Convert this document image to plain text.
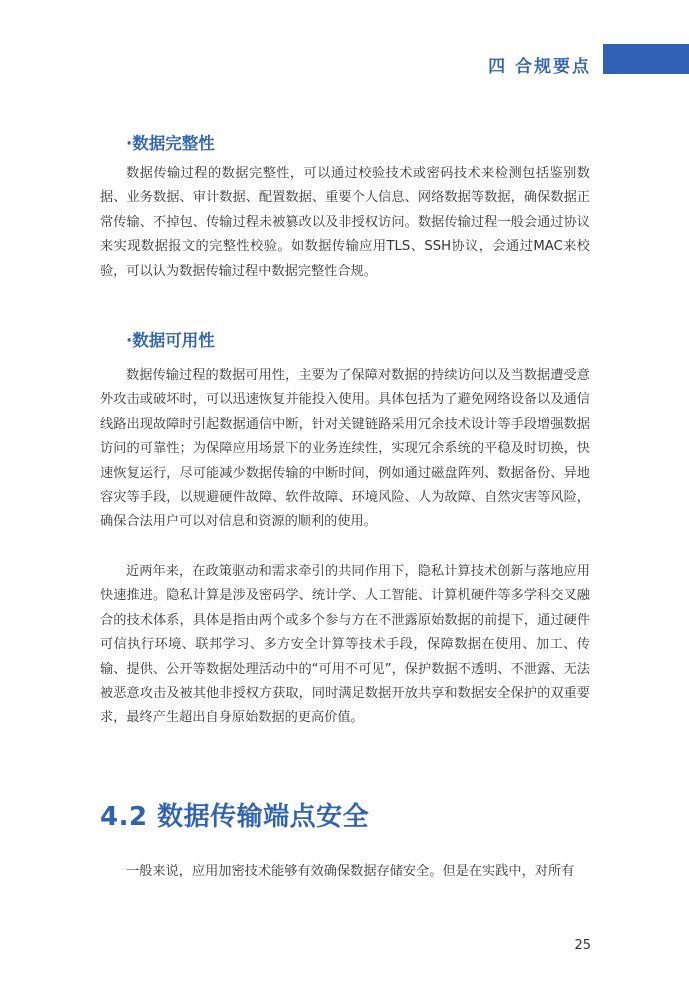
四 合规要点
·数据完整性

数据传输过程的数据完整性，可以通过校验技术或密码技术来检测包括鉴别数据、业务数据、审计数据、配置数据、重要个人信息、网络数据等数据，确保数据正常传输、不掉包、传输过程未被篡改以及非授权访问。数据传输过程一般会通过协议来实现数据报文的完整性校验。如数据传输应用TLS、SSH协议，会通过MAC来校验，可以认为数据传输过程中数据完整性合规。

·数据可用性

数据传输过程的数据可用性，主要为了保障对数据的持续访问以及当数据遭受意外攻击或破坏时，可以迅速恢复并能投入使用。具体包括为了避免网络设备以及通信线路出现故障时引起数据通信中断，针对关键链路采用冗余技术设计等手段增强数据访问的可靠性；为保障应用场景下的业务连续性，实现冗余系统的平稳及时切换，快速恢复运行，尽可能减少数据传输的中断时间，例如通过磁盘阵列、数据备份、异地容灾等手段，以规避硬件故障、软件故障、环境风险、人为故障、自然灾害等风险，确保合法用户可以对信息和资源的顺利的使用。

近两年来，在政策驱动和需求牵引的共同作用下，隐私计算技术创新与落地应用快速推进。隐私计算是涉及密码学、统计学、人工智能、计算机硬件等多学科交叉融合的技术体系，具体是指由两个或多个参与方在不泄露原始数据的前提下，通过硬件可信执行环境、联邦学习、多方安全计算等技术手段，保障数据在使用、加工、传输、提供、公开等数据处理活动中的“可用不可见”，保护数据不透明、不泄露、无法被恶意攻击及被其他非授权方获取，同时满足数据开放共享和数据安全保护的双重要求，最终产生超出自身原始数据的更高价值。

4.2 数据传输端点安全

一般来说，应用加密技术能够有效确保数据存储安全。但是在实践中，对所有

25
